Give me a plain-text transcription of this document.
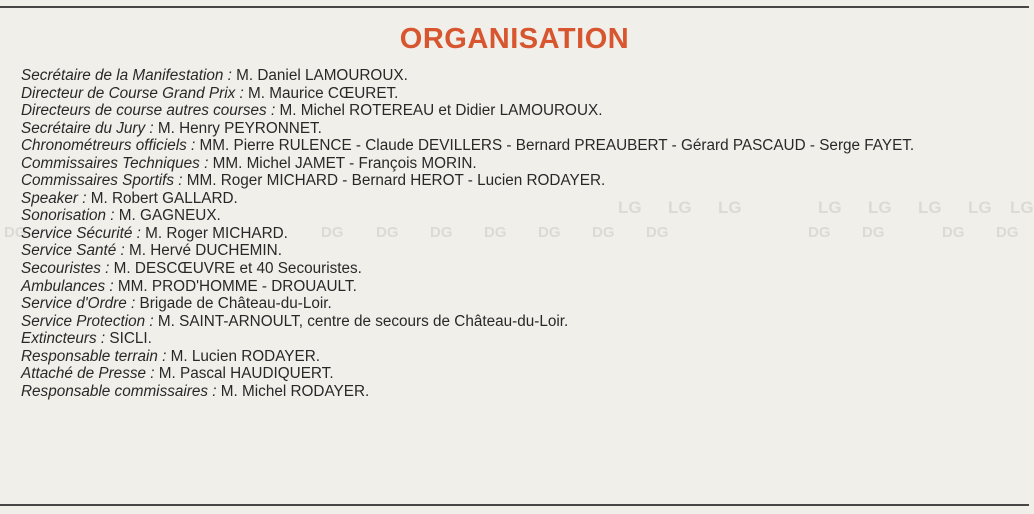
ORGANISATION
LG LG LG	LG LG LG LG LG
DG	DG DG DG DG DG DG DG	DG DG	DG DG
Secrétaire de la Manifestation : M. Daniel LAMOUROUX.
Directeur de Course Grand Prix : M. Maurice CŒURET.
Directeurs de course autres courses : M. Michel ROTEREAU et Didier LAMOUROUX.
Secrétaire du Jury : M. Henry PEYRONNET.
Chronométreurs officiels : MM. Pierre RULENCE - Claude DEVILLERS - Bernard PREAUBERT - Gérard PASCAUD - Serge FAYET.
Commissaires Techniques : MM. Michel JAMET - François MORIN.
Commissaires Sportifs : MM. Roger MICHARD - Bernard HEROT - Lucien RODAYER.
Speaker : M. Robert GALLARD.
Sonorisation : M. GAGNEUX.
Service Sécurité : M. Roger MICHARD.
Service Santé : M. Hervé DUCHEMIN.
Secouristes : M. DESCŒUVRE et 40 Secouristes.
Ambulances : MM. PROD'HOMME - DROUAULT.
Service d'Ordre : Brigade de Château-du-Loir.
Service Protection : M. SAINT-ARNOULT, centre de secours de Château-du-Loir.
Extincteurs : SICLI.
Responsable terrain : M. Lucien RODAYER.
Attaché de Presse : M. Pascal HAUDIQUERT.
Responsable commissaires : M. Michel RODAYER.
